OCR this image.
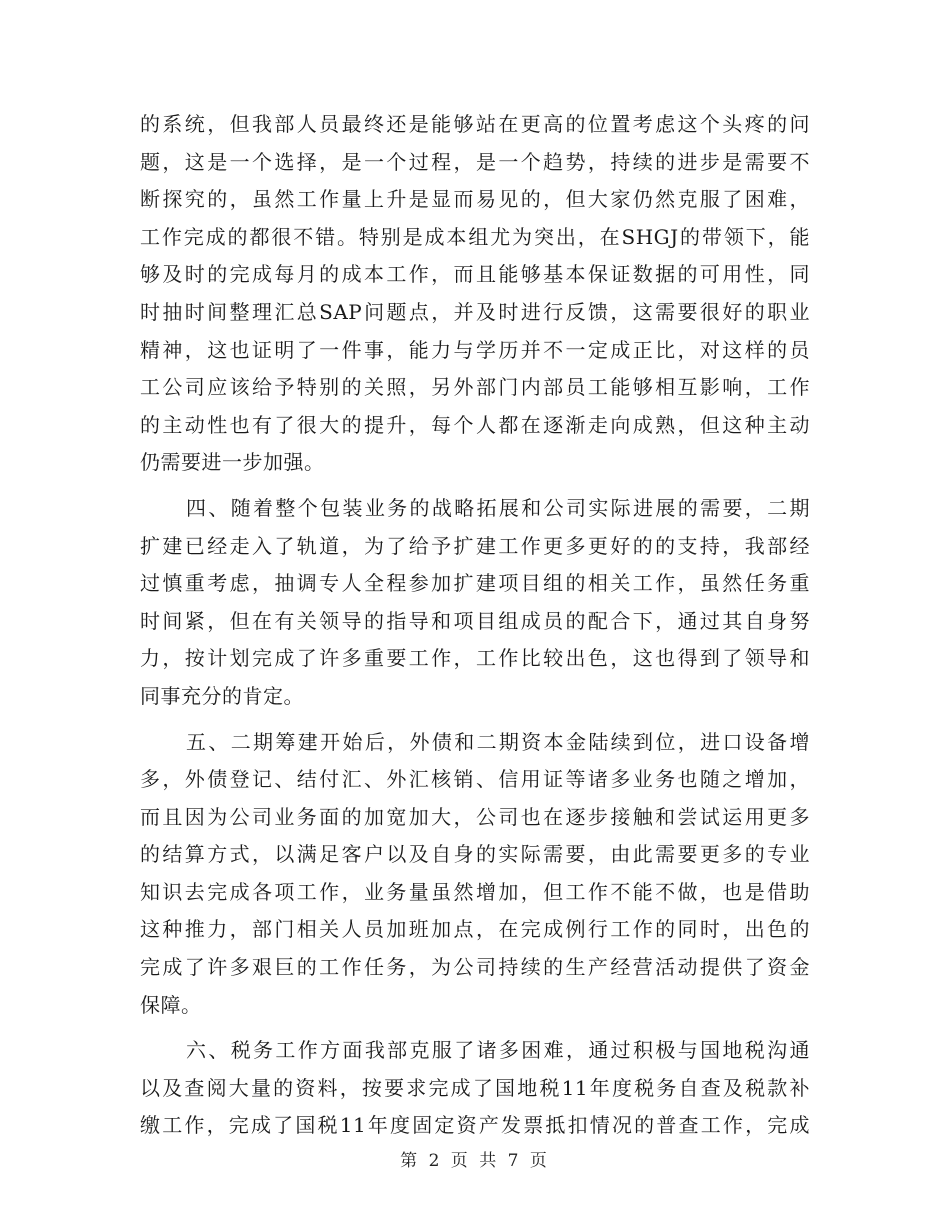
的系统，但我部人员最终还是能够站在更高的位置考虑这个头疼的问
题，这是一个选择，是一个过程，是一个趋势，持续的进步是需要不
断探究的，虽然工作量上升是显而易见的，但大家仍然克服了困难，
工作完成的都很不错。特别是成本组尤为突出，在SHGJ的带领下，能
够及时的完成每月的成本工作，而且能够基本保证数据的可用性，同
时抽时间整理汇总SAP问题点，并及时进行反馈，这需要很好的职业
精神，这也证明了一件事，能力与学历并不一定成正比，对这样的员
工公司应该给予特别的关照，另外部门内部员工能够相互影响，工作
的主动性也有了很大的提升，每个人都在逐渐走向成熟，但这种主动
仍需要进一步加强。
四、随着整个包装业务的战略拓展和公司实际进展的需要，二期
扩建已经走入了轨道，为了给予扩建工作更多更好的的支持，我部经
过慎重考虑，抽调专人全程参加扩建项目组的相关工作，虽然任务重
时间紧，但在有关领导的指导和项目组成员的配合下，通过其自身努
力，按计划完成了许多重要工作，工作比较出色，这也得到了领导和
同事充分的肯定。
五、二期筹建开始后，外债和二期资本金陆续到位，进口设备增
多，外债登记、结付汇、外汇核销、信用证等诸多业务也随之增加，
而且因为公司业务面的加宽加大，公司也在逐步接触和尝试运用更多
的结算方式，以满足客户以及自身的实际需要，由此需要更多的专业
知识去完成各项工作，业务量虽然增加，但工作不能不做，也是借助
这种推力，部门相关人员加班加点，在完成例行工作的同时，出色的
完成了许多艰巨的工作任务，为公司持续的生产经营活动提供了资金
保障。
六、税务工作方面我部克服了诸多困难，通过积极与国地税沟通
以及查阅大量的资料，按要求完成了国地税11年度税务自查及税款补
缴工作，完成了国税11年度固定资产发票抵扣情况的普查工作，完成
第 2 页 共 7 页
